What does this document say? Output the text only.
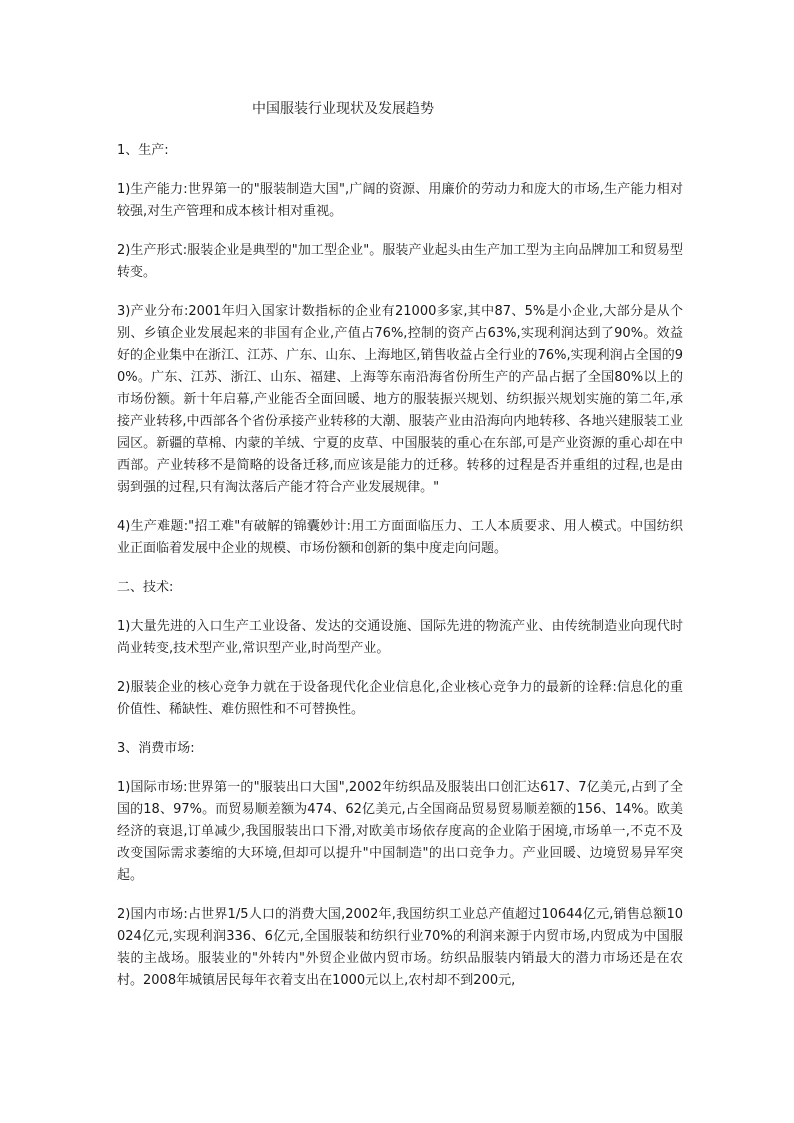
中国服装行业现状及发展趋势

1、生产:

1)生产能力:世界第一的"服装制造大国",广阔的资源、用廉价的劳动力和庞大的市场,生产能力相对较强,对生产管理和成本核计相对重视。

2)生产形式:服装企业是典型的"加工型企业"。服装产业起头由生产加工型为主向品牌加工和贸易型转变。

3)产业分布:2001年归入国家计数指标的企业有21000多家,其中87、5%是小企业,大部分是从个别、乡镇企业发展起来的非国有企业,产值占76%,控制的资产占63%,实现利润达到了90%。效益好的企业集中在浙江、江苏、广东、山东、上海地区,销售收益占全行业的76%,实现利润占全国的90%。广东、江苏、浙江、山东、福建、上海等东南沿海省份所生产的产品占据了全国80%以上的市场份额。新十年启幕,产业能否全面回暖、地方的服装振兴规划、纺织振兴规划实施的第二年,承接产业转移,中西部各个省份承接产业转移的大潮、服装产业由沿海向内地转移、各地兴建服装工业园区。新疆的草棉、内蒙的羊绒、宁夏的皮草、中国服装的重心在东部,可是产业资源的重心却在中西部。产业转移不是简略的设备迁移,而应该是能力的迁移。转移的过程是否并重组的过程,也是由弱到强的过程,只有淘汰落后产能才符合产业发展规律。"

4)生产难题:"招工难"有破解的锦囊妙计:用工方面面临压力、工人本质要求、用人模式。中国纺织业正面临着发展中企业的规模、市场份额和创新的集中度走向问题。

二、技术:

1)大量先进的入口生产工业设备、发达的交通设施、国际先进的物流产业、由传统制造业向现代时尚业转变,技术型产业,常识型产业,时尚型产业。

2)服装企业的核心竞争力就在于设备现代化企业信息化,企业核心竞争力的最新的诠释:信息化的重价值性、稀缺性、难仿照性和不可替换性。

3、消费市场:

1)国际市场:世界第一的"服装出口大国",2002年纺织品及服装出口创汇达617、7亿美元,占到了全国的18、97%。而贸易顺差额为474、62亿美元,占全国商品贸易贸易顺差额的156、14%。欧美经济的衰退,订单减少,我国服装出口下滑,对欧美市场依存度高的企业陷于困境,市场单一,不克不及改变国际需求萎缩的大环境,但却可以提升"中国制造"的出口竞争力。产业回暖、边境贸易异军突起。

2)国内市场:占世界1/5人口的消费大国,2002年,我国纺织工业总产值超过10644亿元,销售总额10024亿元,实现利润336、6亿元,全国服装和纺织行业70%的利润来源于内贸市场,内贸成为中国服装的主战场。服装业的"外转内"外贸企业做内贸市场。纺织品服装内销最大的潜力市场还是在农村。2008年城镇居民每年衣着支出在1000元以上,农村却不到200元,
